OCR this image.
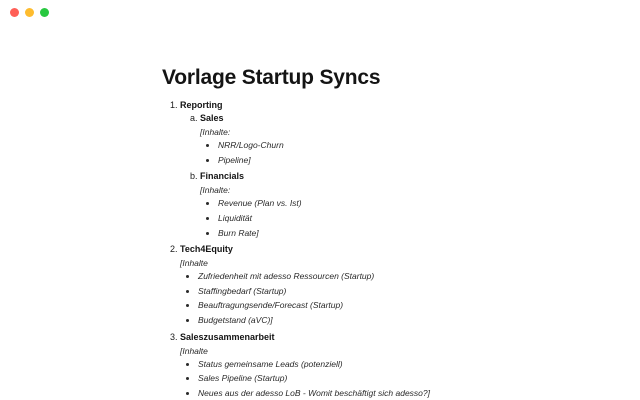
Vorlage Startup Syncs
1. Reporting
a. Sales
[Inhalte:
• NRR/Logo-Churn
• Pipeline]
b. Financials
[Inhalte:
• Revenue (Plan vs. Ist)
• Liquidität
• Burn Rate]
2. Tech4Equity
[Inhalte
• Zufriedenheit mit adesso Ressourcen (Startup)
• Staffingbedarf (Startup)
• Beauftragungsende/Forecast (Startup)
• Budgetstand (aVC)]
3. Saleszusammenarbeit
[Inhalte
• Status gemeinsame Leads (potenziell)
• Sales Pipeline (Startup)
• Neues aus der adesso LoB - Womit beschäftigt sich adesso?]
